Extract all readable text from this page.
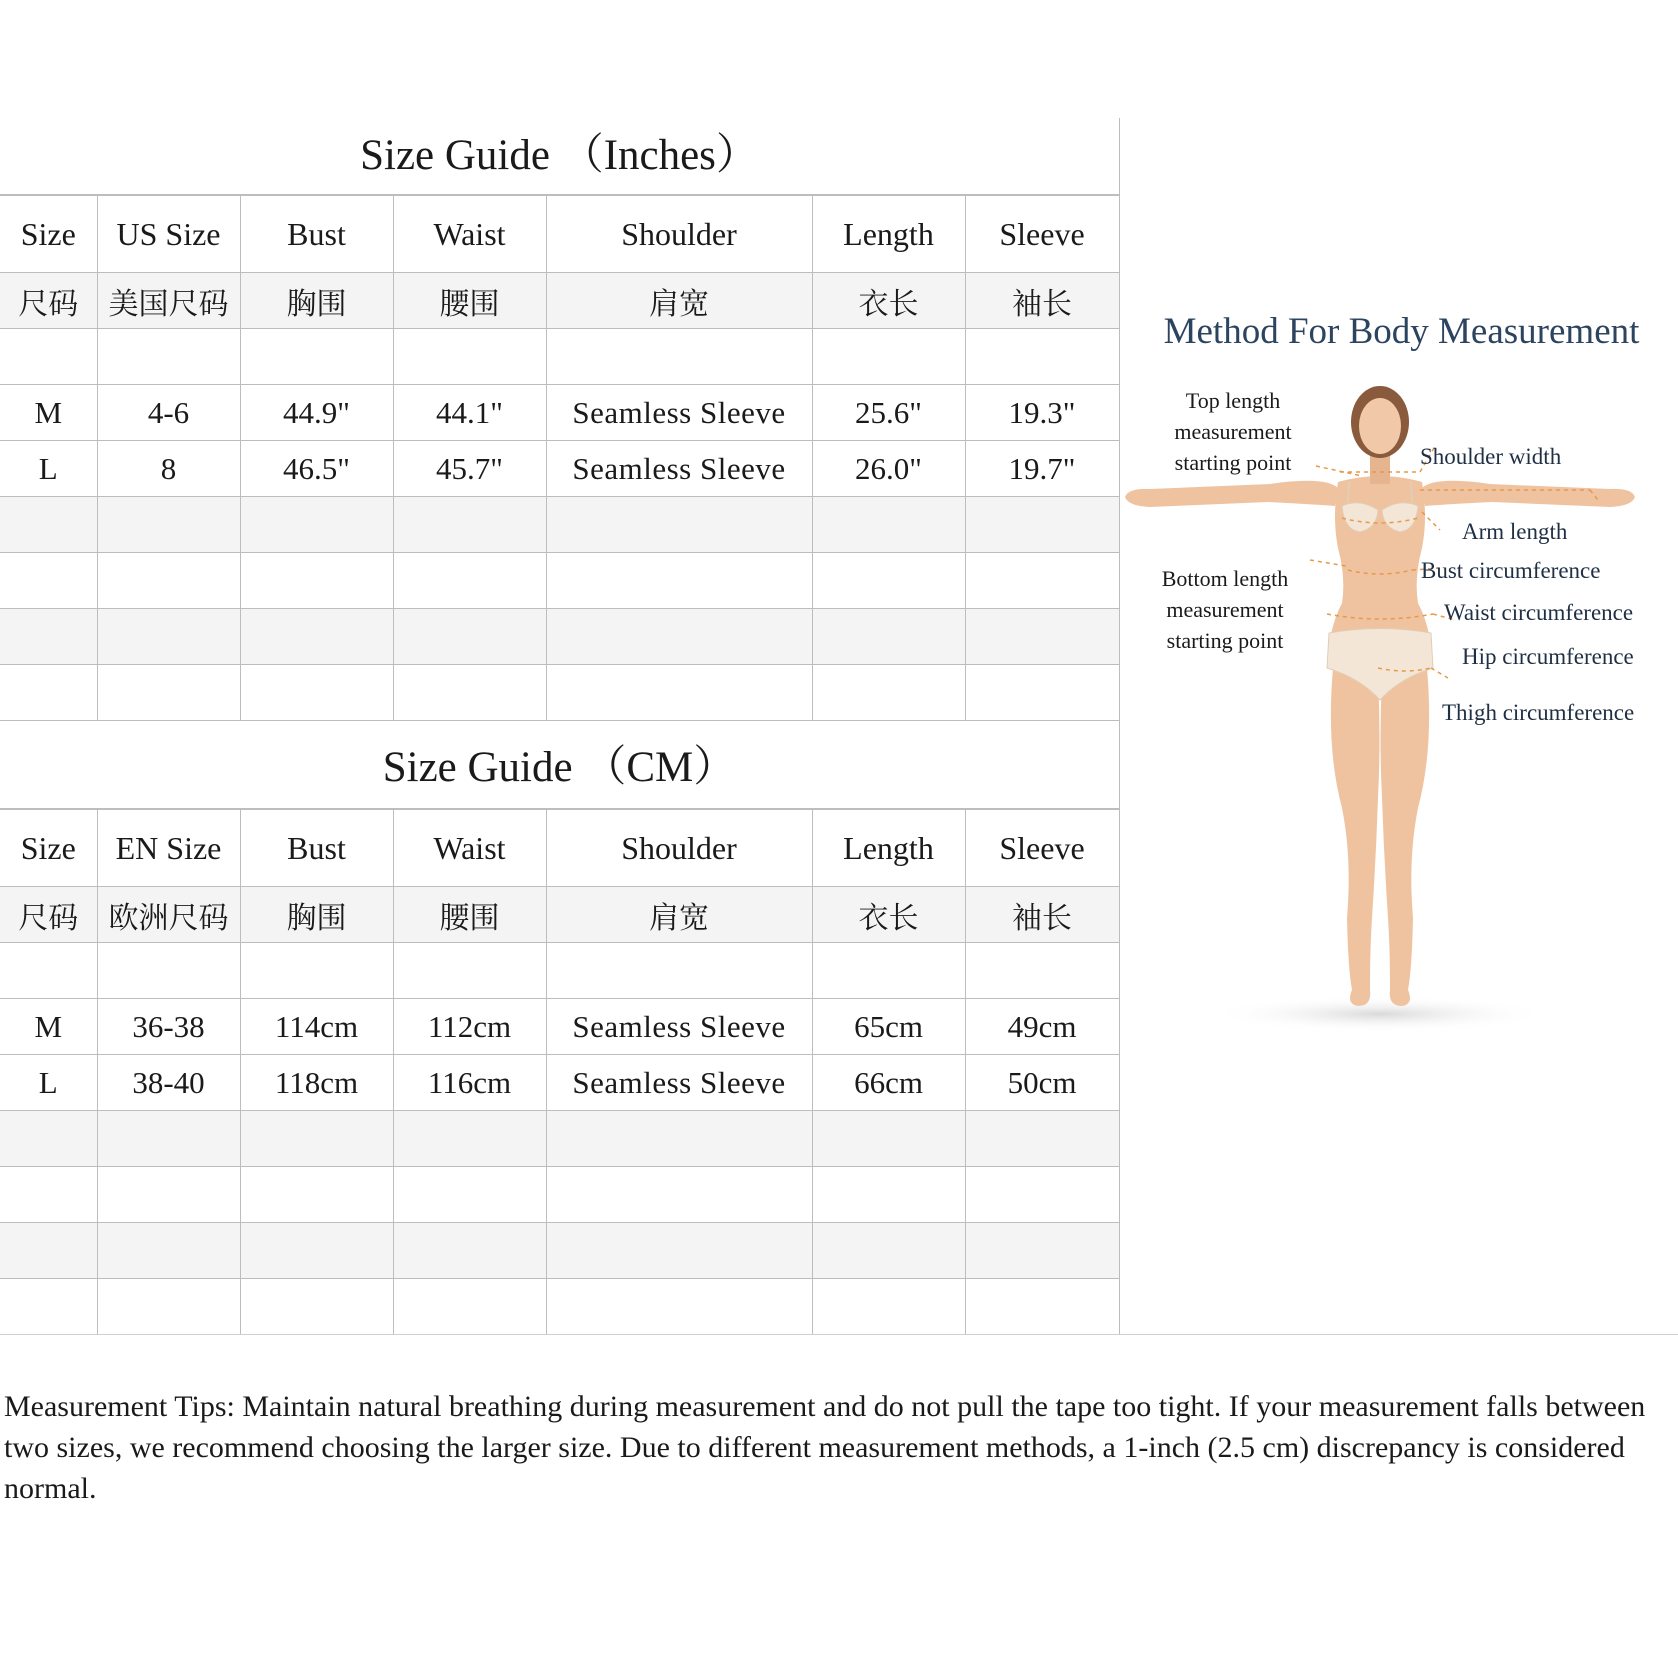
Size Guide （Inches）
Size	US Size	Bust	Waist	Shoulder	Length	Sleeve
尺码	美国尺码	胸围	腰围	肩宽	衣长	袖长

M	4-6	44.9"	44.1"	Seamless Sleeve	25.6"	19.3"
L	8	46.5"	45.7"	Seamless Sleeve	26.0"	19.7"

Size Guide （CM）
Size	EN Size	Bust	Waist	Shoulder	Length	Sleeve
尺码	欧洲尺码	胸围	腰围	肩宽	衣长	袖长

M	36-38	114cm	112cm	Seamless Sleeve	65cm	49cm
L	38-40	118cm	116cm	Seamless Sleeve	66cm	50cm

Method For Body Measurement
Top length
measurement
starting point
Bottom length
measurement
starting point
Shoulder width
Arm length
Bust circumference
Waist circumference
Hip circumference
Thigh circumference
Measurement Tips: Maintain natural breathing during measurement and do not pull the tape too tight. If your measurement falls between two sizes, we recommend choosing the larger size. Due to different measurement methods, a 1-inch (2.5 cm) discrepancy is considered normal.
